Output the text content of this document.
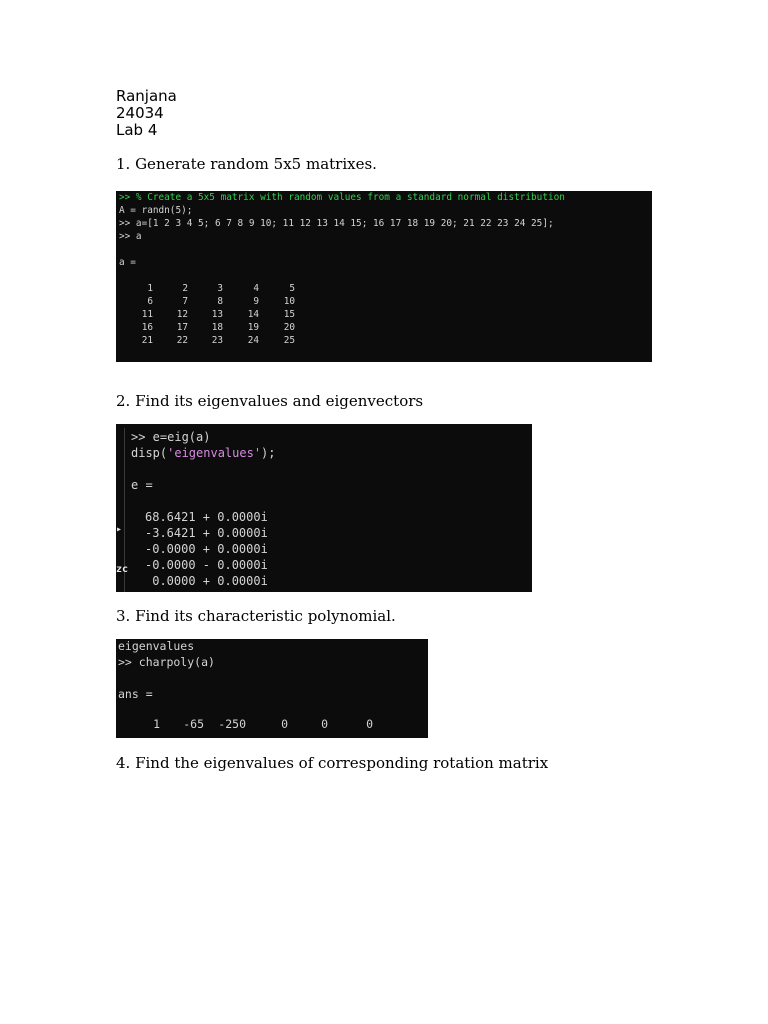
Ranjana
24034
Lab 4
1. Generate random 5x5 matrixes.
>> % Create a 5x5 matrix with random values from a standard normal distribution
A = randn(5);
>> a=[1 2 3 4 5; 6 7 8 9 10; 11 12 13 14 15; 16 17 18 19 20; 21 22 23 24 25];
>> a
a =
1	2	3	4	5
6	7	8	9	10
11	12	13	14	15
16	17	18	19	20
21	22	23	24	25
2. Find its eigenvalues and eigenvectors
>> e=eig(a)
disp('eigenvalues');
e =
68.6421 + 0.0000i
-3.6421 + 0.0000i
-0.0000 + 0.0000i
-0.0000 - 0.0000i
0.0000 + 0.0000i
▸
zc
3. Find its characteristic polynomial.
eigenvalues
>> charpoly(a)
ans =
1	-65	-250	0	0	0
4. Find the eigenvalues of corresponding rotation matrix
